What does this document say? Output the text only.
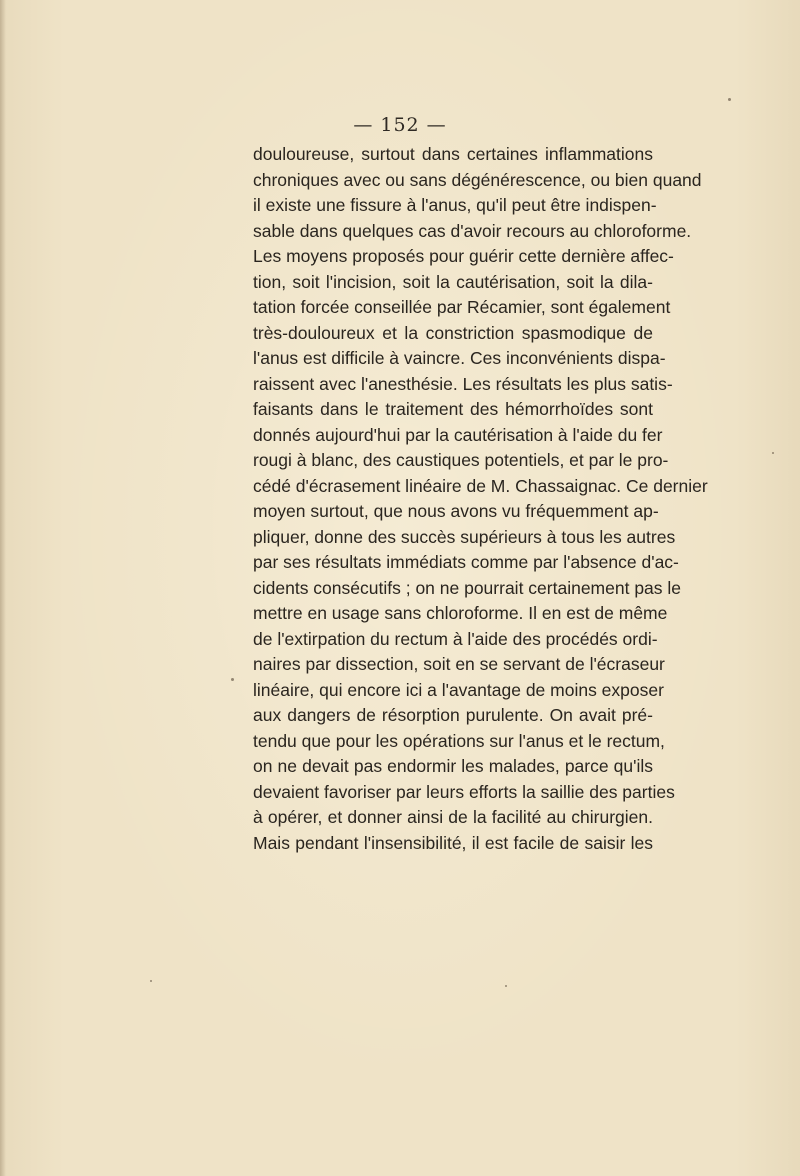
— 152 —
douloureuse, surtout dans certaines inflammations
chroniques avec ou sans dégénérescence, ou bien quand
il existe une fissure à l'anus, qu'il peut être indispen-
sable dans quelques cas d'avoir recours au chloroforme.
Les moyens proposés pour guérir cette dernière affec-
tion, soit l'incision, soit la cautérisation, soit la dila-
tation forcée conseillée par Récamier, sont également
très-douloureux et la constriction spasmodique de
l'anus est difficile à vaincre. Ces inconvénients dispa-
raissent avec l'anesthésie. Les résultats les plus satis-
faisants dans le traitement des hémorrhoïdes sont
donnés aujourd'hui par la cautérisation à l'aide du fer
rougi à blanc, des caustiques potentiels, et par le pro-
cédé d'écrasement linéaire de M. Chassaignac. Ce dernier
moyen surtout, que nous avons vu fréquemment ap-
pliquer, donne des succès supérieurs à tous les autres
par ses résultats immédiats comme par l'absence d'ac-
cidents consécutifs ; on ne pourrait certainement pas le
mettre en usage sans chloroforme. Il en est de même
de l'extirpation du rectum à l'aide des procédés ordi-
naires par dissection, soit en se servant de l'écraseur
linéaire, qui encore ici a l'avantage de moins exposer
aux dangers de résorption purulente. On avait pré-
tendu que pour les opérations sur l'anus et le rectum,
on ne devait pas endormir les malades, parce qu'ils
devaient favoriser par leurs efforts la saillie des parties
à opérer, et donner ainsi de la facilité au chirurgien.
Mais pendant l'insensibilité, il est facile de saisir les
